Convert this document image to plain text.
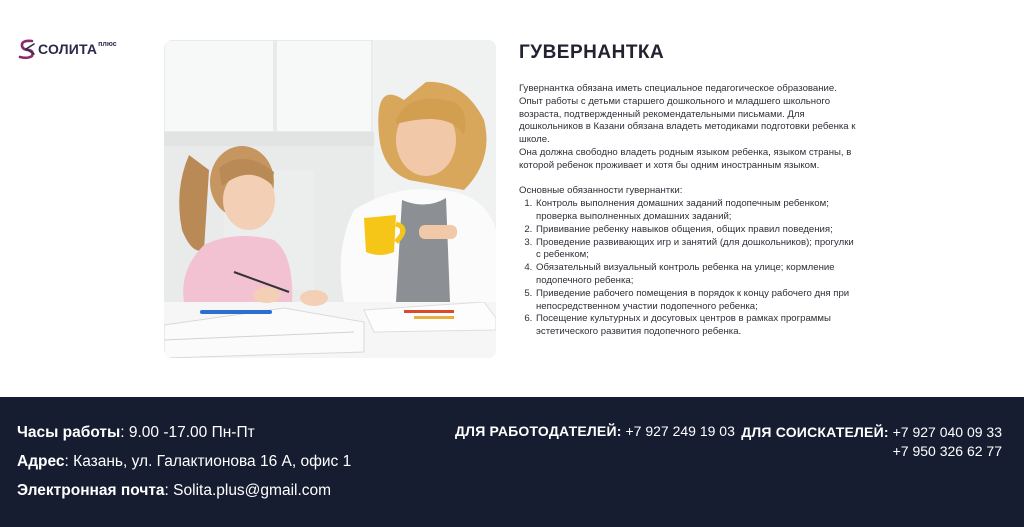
СОЛИТА плюс	ГУВЕРНАНТКА

Гувернантка обязана иметь специальное педагогическое образование.

Опыт работы с детьми старшего дошкольного и младшего школьного возраста, подтвержденный рекомендательными письмами. Для дошкольников в Казани обязана владеть методиками подготовки ребенка к школе.

Она должна свободно владеть родным языком ребенка, языком страны, в которой ребенок проживает и хотя бы одним иностранным языком.

Основные обязанности гувернантки:

1. Контроль выполнения домашних заданий подопечным ребенком; проверка выполненных домашних заданий;
2. Прививание ребенку навыков общения, общих правил поведения;
3. Проведение развивающих игр и занятий (для дошкольников); прогулки с ребенком;
4. Обязательный визуальный контроль ребенка на улице; кормление подопечного ребенка;
5. Приведение рабочего помещения в порядок к концу рабочего дня при непосредственном участии подопечного ребенка;
6. Посещение культурных и досуговых центров в рамках программы эстетического развития подопечного ребенка.
Часы работы: 9.00 -17.00 Пн-Пт
Адрес: Казань, ул. Галактионова 16 А, офис 1
Электронная почта: Solita.plus@gmail.com
ДЛЯ РАБОТОДАТЕЛЕЙ: +7 927 249 19 03 ДЛЯ СОИСКАТЕЛЕЙ: +7 927 040 09 33
+7 950 326 62 77
